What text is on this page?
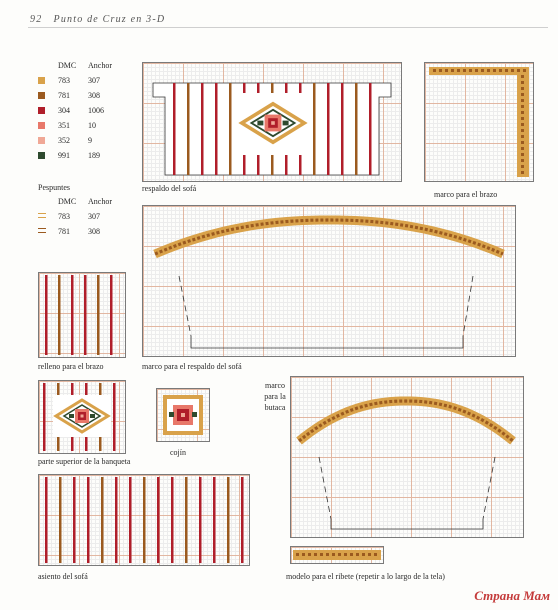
92 Punto de Cruz en 3-D
DMC Anchor
783 307
781 308
304 1006
351 10
352 9
991 189
Pespuntes
DMC Anchor
783 307
781 308
respaldo del sofá
marco para el brazo
marco para el respaldo del sofá
relleno para el brazo
parte superior de la banqueta
cojín
marco para la butaca
asiento del sofá	modelo para el ribete (repetir a lo largo de la tela)
Страна Мам
